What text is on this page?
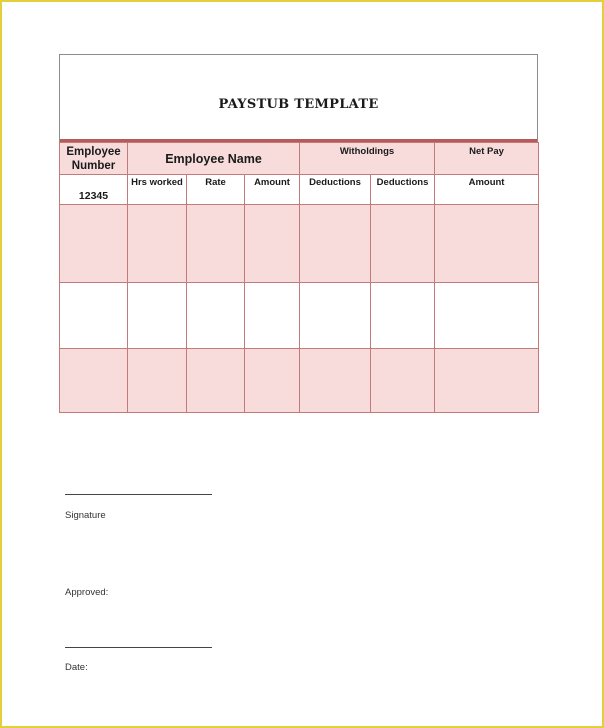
PAYSTUB TEMPLATE
Employee Number	Employee Name			Witholdings		Net Pay
12345	Hrs worked	Rate	Amount	Deductions	Deductions	Amount

Signature
Approved:
Date:
